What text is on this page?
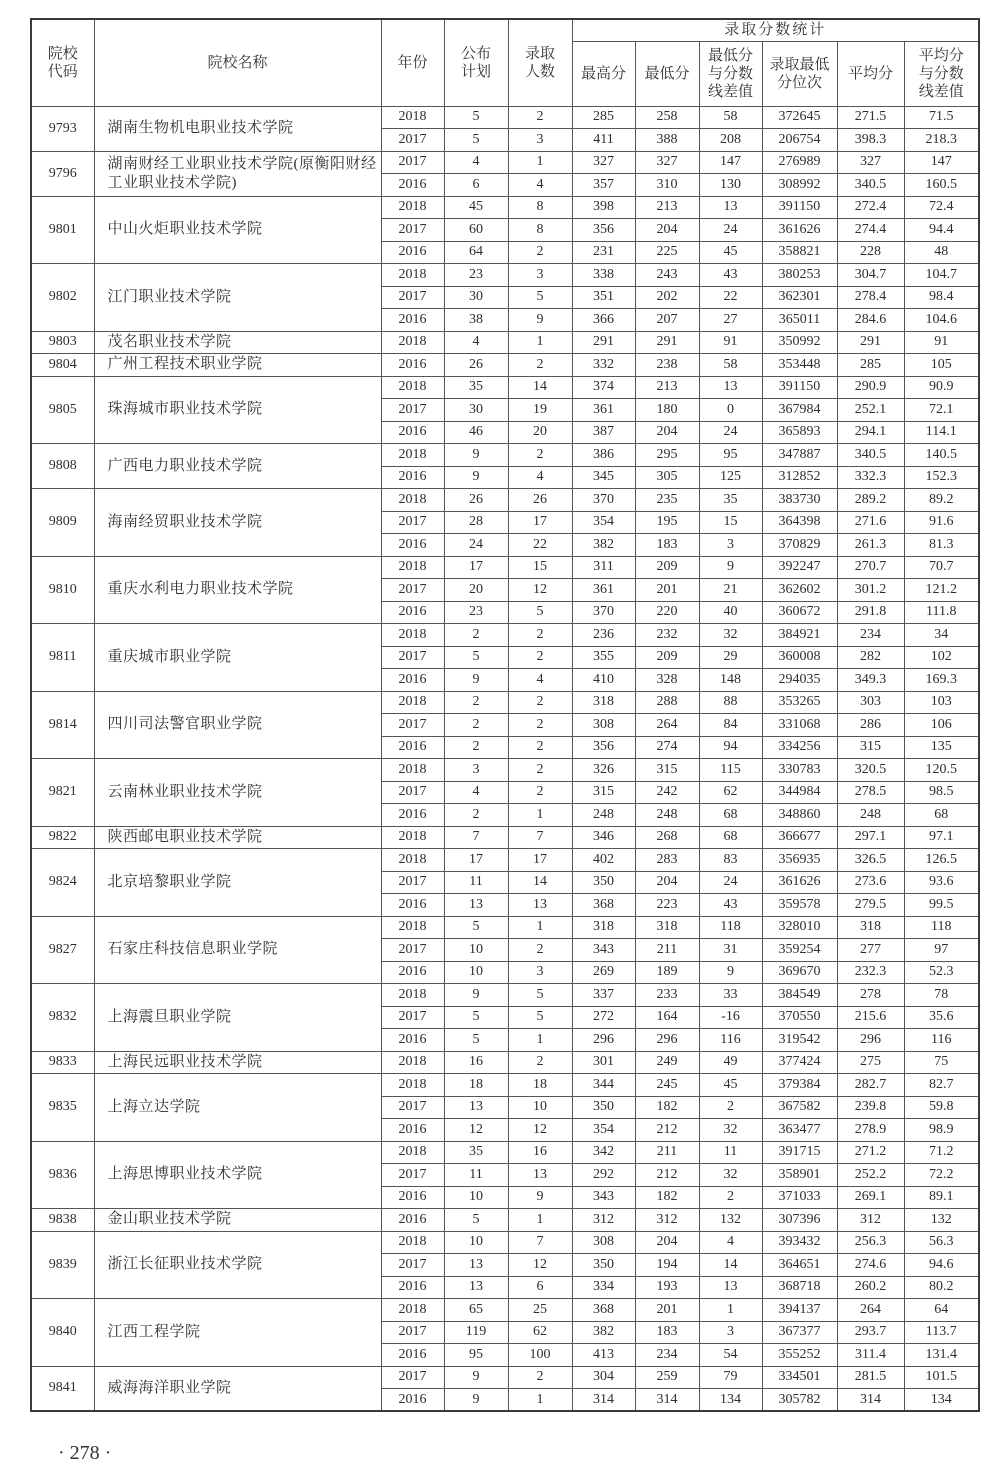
院校代码	院校名称	年份	公布计划	录取人数	录取分数统计					
					最高分	最低分	最低分与分数线差值	录取最低分位次	平均分	平均分与分数线差值
9793	湖南生物机电职业技术学院	2018	5	2	285	258	58	372645	271.5	71.5
		2017	5	3	411	388	208	206754	398.3	218.3
9796	湖南财经工业职业技术学院(原衡阳财经工业职业技术学院)	2017	4	1	327	327	147	276989	327	147
		2016	6	4	357	310	130	308992	340.5	160.5
9801	中山火炬职业技术学院	2018	45	8	398	213	13	391150	272.4	72.4
		2017	60	8	356	204	24	361626	274.4	94.4
		2016	64	2	231	225	45	358821	228	48
9802	江门职业技术学院	2018	23	3	338	243	43	380253	304.7	104.7
		2017	30	5	351	202	22	362301	278.4	98.4
		2016	38	9	366	207	27	365011	284.6	104.6
9803	茂名职业技术学院	2018	4	1	291	291	91	350992	291	91
9804	广州工程技术职业学院	2016	26	2	332	238	58	353448	285	105
9805	珠海城市职业技术学院	2018	35	14	374	213	13	391150	290.9	90.9
		2017	30	19	361	180	0	367984	252.1	72.1
		2016	46	20	387	204	24	365893	294.1	114.1
9808	广西电力职业技术学院	2018	9	2	386	295	95	347887	340.5	140.5
		2016	9	4	345	305	125	312852	332.3	152.3
9809	海南经贸职业技术学院	2018	26	26	370	235	35	383730	289.2	89.2
		2017	28	17	354	195	15	364398	271.6	91.6
		2016	24	22	382	183	3	370829	261.3	81.3
9810	重庆水利电力职业技术学院	2018	17	15	311	209	9	392247	270.7	70.7
		2017	20	12	361	201	21	362602	301.2	121.2
		2016	23	5	370	220	40	360672	291.8	111.8
9811	重庆城市职业学院	2018	2	2	236	232	32	384921	234	34
		2017	5	2	355	209	29	360008	282	102
		2016	9	4	410	328	148	294035	349.3	169.3
9814	四川司法警官职业学院	2018	2	2	318	288	88	353265	303	103
		2017	2	2	308	264	84	331068	286	106
		2016	2	2	356	274	94	334256	315	135
9821	云南林业职业技术学院	2018	3	2	326	315	115	330783	320.5	120.5
		2017	4	2	315	242	62	344984	278.5	98.5
		2016	2	1	248	248	68	348860	248	68
9822	陕西邮电职业技术学院	2018	7	7	346	268	68	366677	297.1	97.1
9824	北京培黎职业学院	2018	17	17	402	283	83	356935	326.5	126.5
		2017	11	14	350	204	24	361626	273.6	93.6
		2016	13	13	368	223	43	359578	279.5	99.5
9827	石家庄科技信息职业学院	2018	5	1	318	318	118	328010	318	118
		2017	10	2	343	211	31	359254	277	97
		2016	10	3	269	189	9	369670	232.3	52.3
9832	上海震旦职业学院	2018	9	5	337	233	33	384549	278	78
		2017	5	5	272	164	-16	370550	215.6	35.6
		2016	5	1	296	296	116	319542	296	116
9833	上海民远职业技术学院	2018	16	2	301	249	49	377424	275	75
9835	上海立达学院	2018	18	18	344	245	45	379384	282.7	82.7
		2017	13	10	350	182	2	367582	239.8	59.8
		2016	12	12	354	212	32	363477	278.9	98.9
9836	上海思博职业技术学院	2018	35	16	342	211	11	391715	271.2	71.2
		2017	11	13	292	212	32	358901	252.2	72.2
		2016	10	9	343	182	2	371033	269.1	89.1
9838	金山职业技术学院	2016	5	1	312	312	132	307396	312	132
9839	浙江长征职业技术学院	2018	10	7	308	204	4	393432	256.3	56.3
		2017	13	12	350	194	14	364651	274.6	94.6
		2016	13	6	334	193	13	368718	260.2	80.2
9840	江西工程学院	2018	65	25	368	201	1	394137	264	64
		2017	119	62	382	183	3	367377	293.7	113.7
		2016	95	100	413	234	54	355252	311.4	131.4
9841	威海海洋职业学院	2017	9	2	304	259	79	334501	281.5	101.5
		2016	9	1	314	314	134	305782	314	134
· 278 ·
